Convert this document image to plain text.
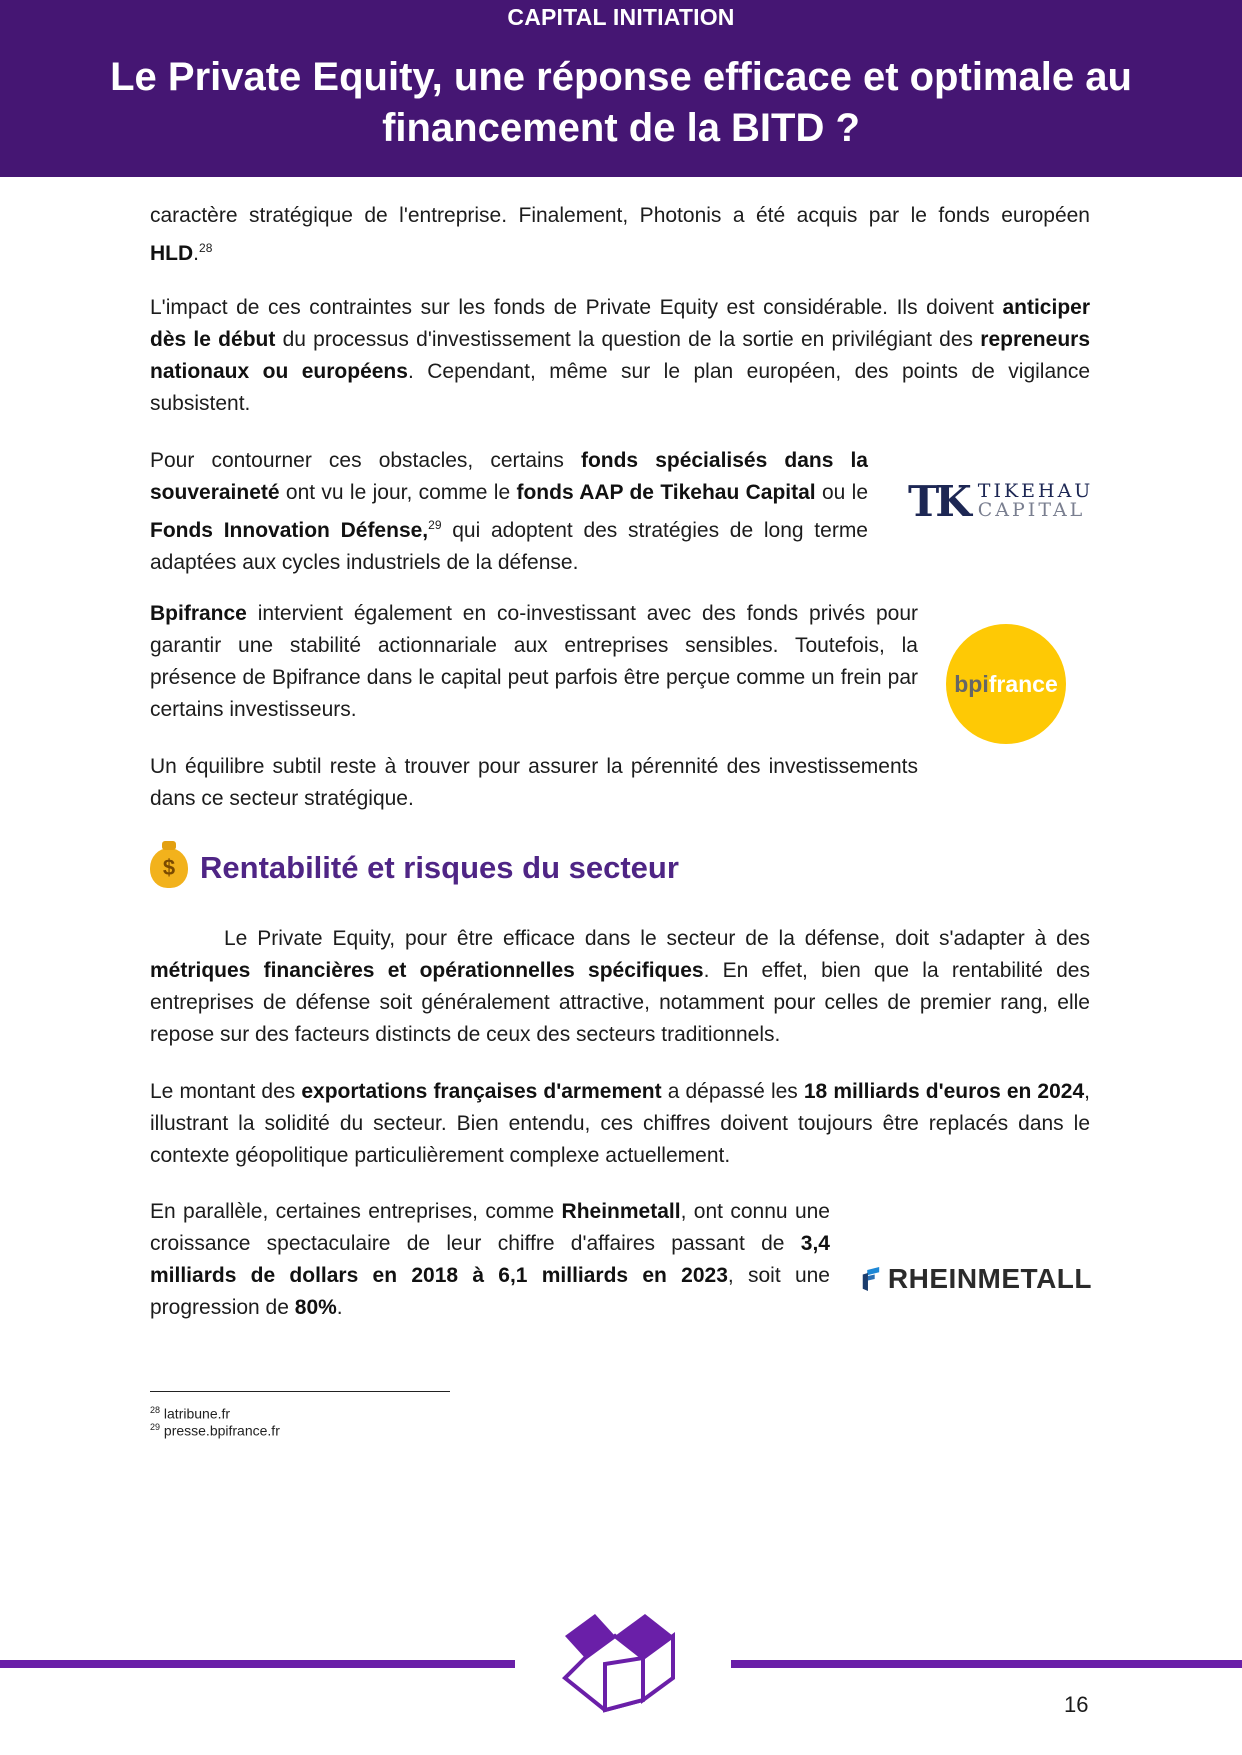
CAPITAL INITIATION
Le Private Equity, une réponse efficace et optimale au financement de la BITD ?

caractère stratégique de l'entreprise. Finalement, Photonis a été acquis par le fonds européen HLD.$^{28}$

L'impact de ces contraintes sur les fonds de Private Equity est considérable. Ils doivent anticiper dès le début du processus d'investissement la question de la sortie en privilégiant des repreneurs nationaux ou européens. Cependant, même sur le plan européen, des points de vigilance subsistent.

Pour contourner ces obstacles, certains fonds spécialisés dans la souveraineté ont vu le jour, comme le fonds AAP de Tikehau Capital ou le Fonds Innovation Défense,$^{29}$ qui adoptent des stratégies de long terme adaptées aux cycles industriels de la défense.

TK TIKEHAU
CAPITAL

Bpifrance intervient également en co-investissant avec des fonds privés pour garantir une stabilité actionnariale aux entreprises sensibles. Toutefois, la présence de Bpifrance dans le capital peut parfois être perçue comme un frein par certains investisseurs.

bpi france

Un équilibre subtil reste à trouver pour assurer la pérennité des investissements dans ce secteur stratégique.

$ Rentabilité et risques du secteur

Le Private Equity, pour être efficace dans le secteur de la défense, doit s'adapter à des métriques financières et opérationnelles spécifiques. En effet, bien que la rentabilité des entreprises de défense soit généralement attractive, notamment pour celles de premier rang, elle repose sur des facteurs distincts de ceux des secteurs traditionnels.

Le montant des exportations françaises d'armement a dépassé les 18 milliards d'euros en 2024, illustrant la solidité du secteur. Bien entendu, ces chiffres doivent toujours être replacés dans le contexte géopolitique particulièrement complexe actuellement.

En parallèle, certaines entreprises, comme Rheinmetall, ont connu une croissance spectaculaire de leur chiffre d'affaires passant de 3,4 milliards de dollars en 2018 à 6,1 milliards en 2023, soit une progression de 80%.

RHEINMETALL
$^{28}$ latribune.fr
$^{29}$ presse.bpifrance.fr
16
